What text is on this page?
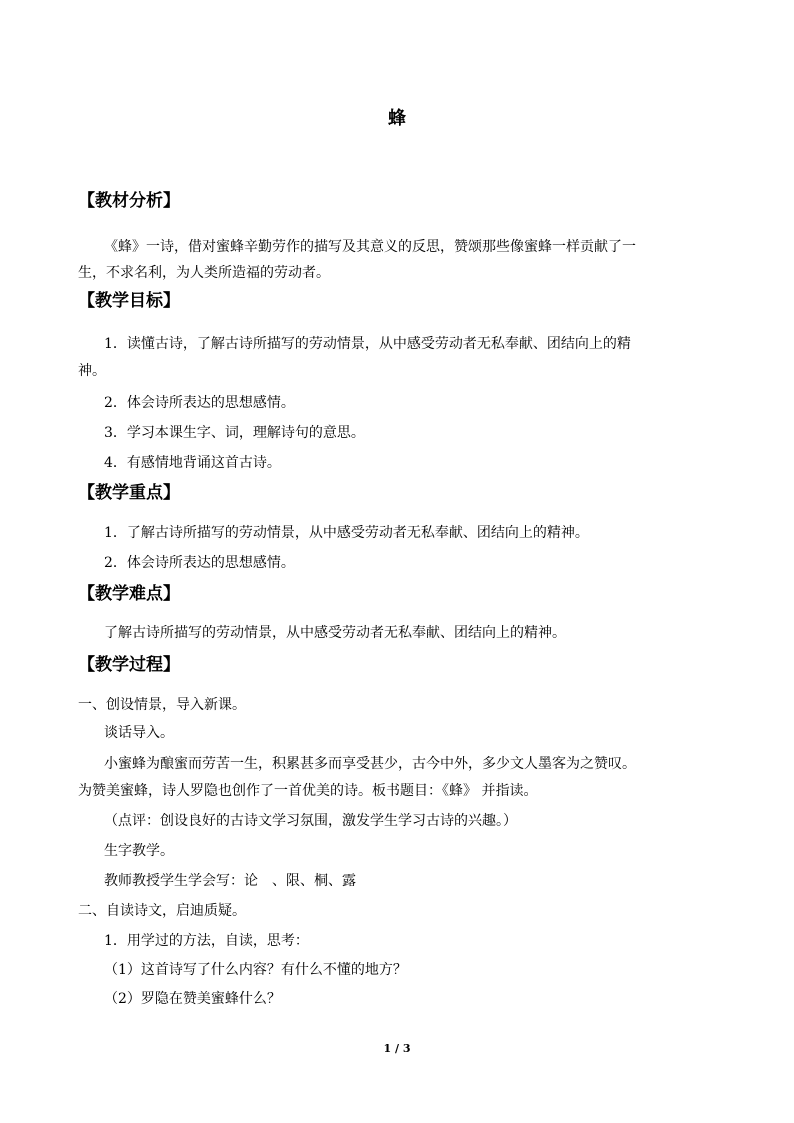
蜂
【教材分析】
《蜂》一诗，借对蜜蜂辛勤劳作的描写及其意义的反思，赞颂那些像蜜蜂一样贡献了一
生，不求名利，为人类所造福的劳动者。
【教学目标】
1．读懂古诗，了解古诗所描写的劳动情景，从中感受劳动者无私奉献、团结向上的精
神。
2．体会诗所表达的思想感情。
3．学习本课生字、词，理解诗句的意思。
4．有感情地背诵这首古诗。
【教学重点】
1．了解古诗所描写的劳动情景，从中感受劳动者无私奉献、团结向上的精神。
2．体会诗所表达的思想感情。
【教学难点】
了解古诗所描写的劳动情景，从中感受劳动者无私奉献、团结向上的精神。
【教学过程】
一、创设情景，导入新课。
谈话导入。
小蜜蜂为酿蜜而劳苦一生，积累甚多而享受甚少，古今中外，多少文人墨客为之赞叹。
为赞美蜜蜂，诗人罗隐也创作了一首优美的诗。板书题目：《蜂》 并指读。
（点评：创设良好的古诗文学习氛围，激发学生学习古诗的兴趣。）
生字教学。
教师教授学生学会写：论　、限、桐、露
二、自读诗文，启迪质疑。
1．用学过的方法，自读，思考：
（1）这首诗写了什么内容？有什么不懂的地方？
（2）罗隐在赞美蜜蜂什么？
1 / 3
